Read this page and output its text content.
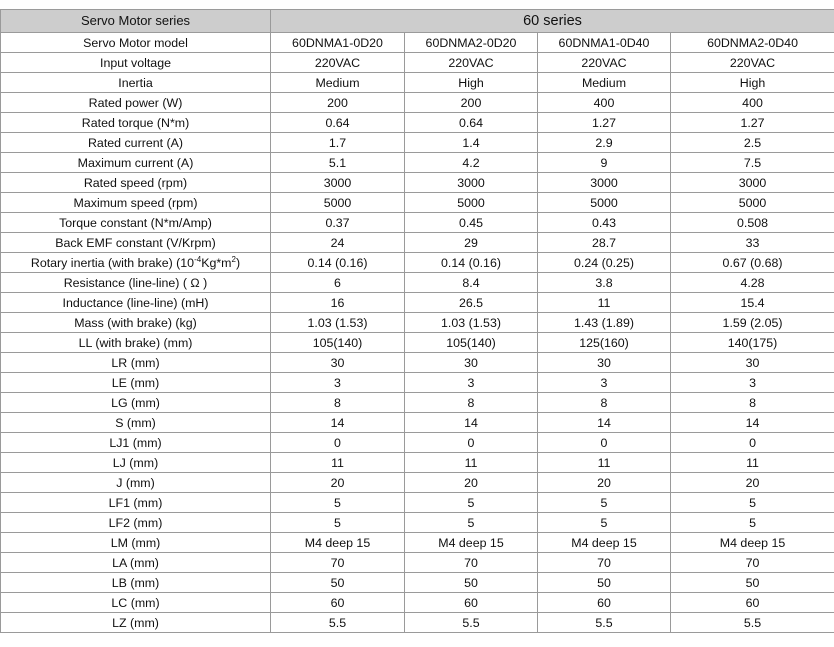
Servo Motor series	60 series			
Servo Motor model	60DNMA1-0D20	60DNMA2-0D20	60DNMA1-0D40	60DNMA2-0D40
Input voltage	220VAC	220VAC	220VAC	220VAC
Inertia	Medium	High	Medium	High
Rated power (W)	200	200	400	400
Rated torque (N*m)	0.64	0.64	1.27	1.27
Rated current (A)	1.7	1.4	2.9	2.5
Maximum current (A)	5.1	4.2	9	7.5
Rated speed (rpm)	3000	3000	3000	3000
Maximum speed (rpm)	5000	5000	5000	5000
Torque constant (N*m/Amp)	0.37	0.45	0.43	0.508
Back EMF constant (V/Krpm)	24	29	28.7	33
Rotary inertia (with brake) $(10^{-4}Kg*m^2)$	0.14 (0.16)	0.14 (0.16)	0.24 (0.25)	0.67 (0.68)
Resistance (line-line) ( Ω )	6	8.4	3.8	4.28
Inductance (line-line) (mH)	16	26.5	11	15.4
Mass (with brake) (kg)	1.03 (1.53)	1.03 (1.53)	1.43 (1.89)	1.59 (2.05)
LL (with brake) (mm)	105(140)	105(140)	125(160)	140(175)
LR (mm)	30	30	30	30
LE (mm)	3	3	3	3
LG (mm)	8	8	8	8
S (mm)	14	14	14	14
LJ1 (mm)	0	0	0	0
LJ (mm)	11	11	11	11
J (mm)	20	20	20	20
LF1 (mm)	5	5	5	5
LF2 (mm)	5	5	5	5
LM (mm)	M4 deep 15	M4 deep 15	M4 deep 15	M4 deep 15
LA (mm)	70	70	70	70
LB (mm)	50	50	50	50
LC (mm)	60	60	60	60
LZ (mm)	5.5	5.5	5.5	5.5
